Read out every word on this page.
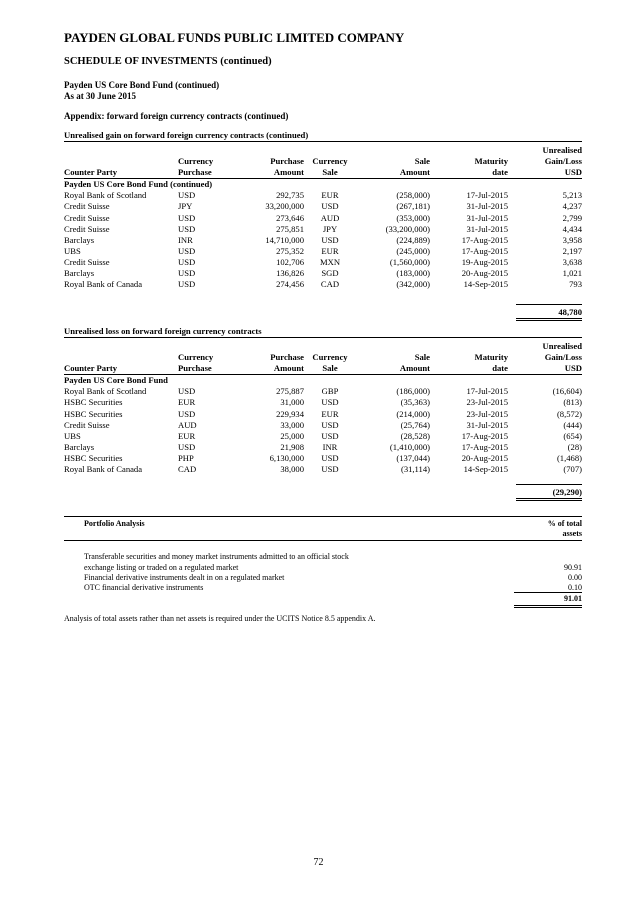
PAYDEN GLOBAL FUNDS PUBLIC LIMITED COMPANY
SCHEDULE OF INVESTMENTS (continued)
Payden US Core Bond Fund (continued)
As at 30 June 2015
Appendix: forward foreign currency contracts (continued)
Unrealised gain on forward foreign currency contracts (continued)
						Unrealised
	Currency	Purchase	Currency	Sale	Maturity	Gain/Loss
Counter Party	Purchase	Amount	Sale	Amount	date	USD
Payden US Core Bond Fund (continued)						
Royal Bank of Scotland	USD	292,735	EUR	(258,000)	17-Jul-2015	5,213
Credit Suisse	JPY	33,200,000	USD	(267,181)	31-Jul-2015	4,237
Credit Suisse	USD	273,646	AUD	(353,000)	31-Jul-2015	2,799
Credit Suisse	USD	275,851	JPY	(33,200,000)	31-Jul-2015	4,434
Barclays	INR	14,710,000	USD	(224,889)	17-Aug-2015	3,958
UBS	USD	275,352	EUR	(245,000)	17-Aug-2015	2,197
Credit Suisse	USD	102,706	MXN	(1,560,000)	19-Aug-2015	3,638
Barclays	USD	136,826	SGD	(183,000)	20-Aug-2015	1,021
Royal Bank of Canada	USD	274,456	CAD	(342,000)	14-Sep-2015	793
48,780
Unrealised loss on forward foreign currency contracts
						Unrealised
	Currency	Purchase	Currency	Sale	Maturity	Gain/Loss
Counter Party	Purchase	Amount	Sale	Amount	date	USD
Payden US Core Bond Fund						
Royal Bank of Scotland	USD	275,887	GBP	(186,000)	17-Jul-2015	(16,604)
HSBC Securities	EUR	31,000	USD	(35,363)	23-Jul-2015	(813)
HSBC Securities	USD	229,934	EUR	(214,000)	23-Jul-2015	(8,572)
Credit Suisse	AUD	33,000	USD	(25,764)	31-Jul-2015	(444)
UBS	EUR	25,000	USD	(28,528)	17-Aug-2015	(654)
Barclays	USD	21,908	INR	(1,410,000)	17-Aug-2015	(28)
HSBC Securities	PHP	6,130,000	USD	(137,044)	20-Aug-2015	(1,468)
Royal Bank of Canada	CAD	38,000	USD	(31,114)	14-Sep-2015	(707)
(29,290)
Portfolio Analysis	% of total
assets
Transferable securities and money market instruments admitted to an official stock
exchange listing or traded on a regulated market	90.91
Financial derivative instruments dealt in on a regulated market	0.00
OTC financial derivative instruments	0.10
91.01
Analysis of total assets rather than net assets is required under the UCITS Notice 8.5 appendix A.
72
